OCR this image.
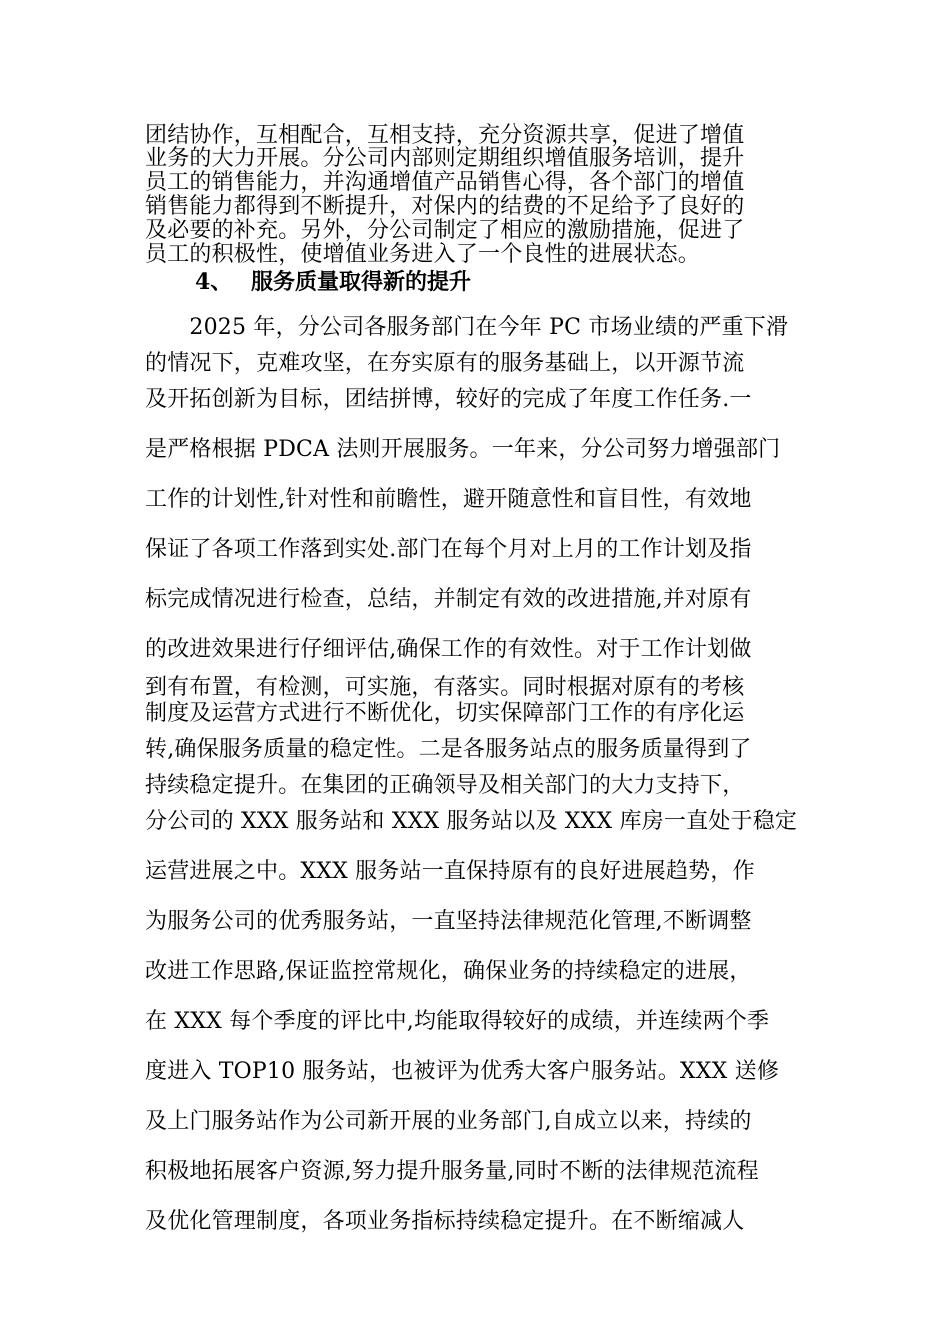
团结协作，互相配合，互相支持，充分资源共享，促进了增值
业务的大力开展。分公司内部则定期组织增值服务培训，提升
员工的销售能力，并沟通增值产品销售心得，各个部门的增值
销售能力都得到不断提升，对保内的结费的不足给予了良好的
及必要的补充。另外，分公司制定了相应的激励措施，促进了
员工的积极性，使增值业务进入了一个良性的进展状态。
4、 服务质量取得新的提升
　　2025 年，分公司各服务部门在今年 PC 市场业绩的严重下滑
的情况下，克难攻坚，在夯实原有的服务基础上，以开源节流
及开拓创新为目标，团结拼博，较好的完成了年度工作任务.一
是严格根据 PDCA 法则开展服务。一年来，分公司努力增强部门
工作的计划性,针对性和前瞻性，避开随意性和盲目性，有效地
保证了各项工作落到实处.部门在每个月对上月的工作计划及指
标完成情况进行检查，总结，并制定有效的改进措施,并对原有
的改进效果进行仔细评估,确保工作的有效性。对于工作计划做
到有布置，有检测，可实施，有落实。同时根据对原有的考核
制度及运营方式进行不断优化，切实保障部门工作的有序化运
转,确保服务质量的稳定性。二是各服务站点的服务质量得到了
持续稳定提升。在集团的正确领导及相关部门的大力支持下，
分公司的 XXX 服务站和 XXX 服务站以及 XXX 库房一直处于稳定
运营进展之中。XXX 服务站一直保持原有的良好进展趋势，作
为服务公司的优秀服务站，一直坚持法律规范化管理,不断调整
改进工作思路,保证监控常规化，确保业务的持续稳定的进展，
在 XXX 每个季度的评比中,均能取得较好的成绩，并连续两个季
度进入 TOP10 服务站，也被评为优秀大客户服务站。XXX 送修
及上门服务站作为公司新开展的业务部门,自成立以来，持续的
积极地拓展客户资源,努力提升服务量,同时不断的法律规范流程
及优化管理制度，各项业务指标持续稳定提升。在不断缩减人
